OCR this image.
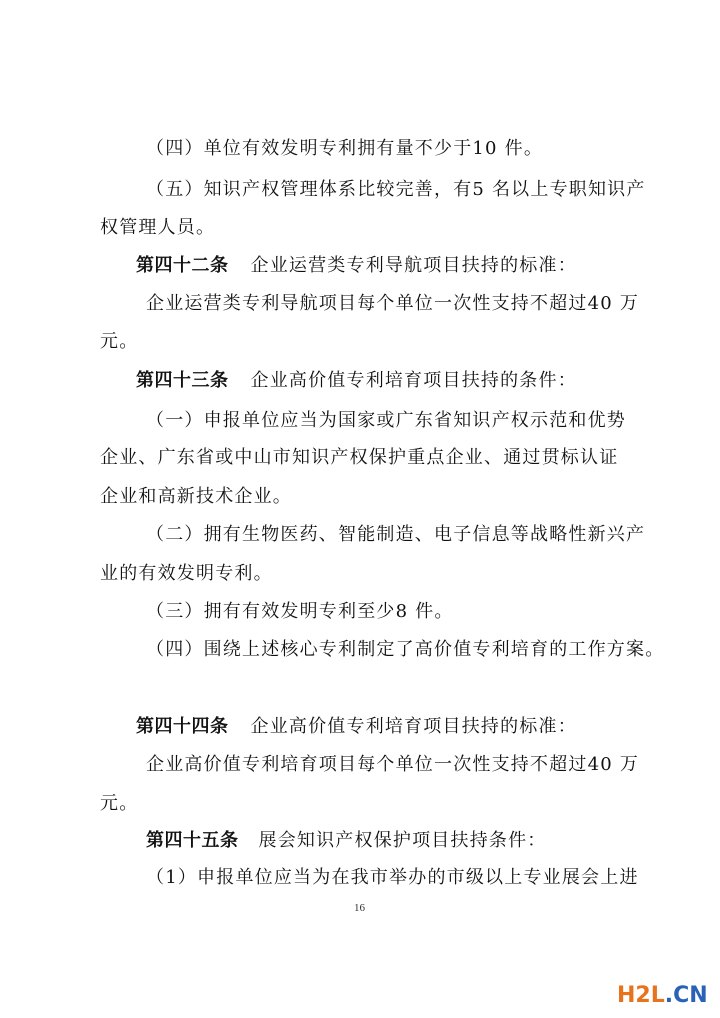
（四）单位有效发明专利拥有量不少于10 件。
（五）知识产权管理体系比较完善，有5 名以上专职知识产
权管理人员。
第四十二条 企业运营类专利导航项目扶持的标准：
企业运营类专利导航项目每个单位一次性支持不超过40 万
元。
第四十三条 企业高价值专利培育项目扶持的条件：
（一）申报单位应当为国家或广东省知识产权示范和优势
企业、广东省或中山市知识产权保护重点企业、通过贯标认证
企业和高新技术企业。
（二）拥有生物医药、智能制造、电子信息等战略性新兴产
业的有效发明专利。
（三）拥有有效发明专利至少8 件。
（四）围绕上述核心专利制定了高价值专利培育的工作方案。
第四十四条 企业高价值专利培育项目扶持的标准：
企业高价值专利培育项目每个单位一次性支持不超过40 万
元。
第四十五条 展会知识产权保护项目扶持条件：
（1）申报单位应当为在我市举办的市级以上专业展会上进
16
H2L.CN
